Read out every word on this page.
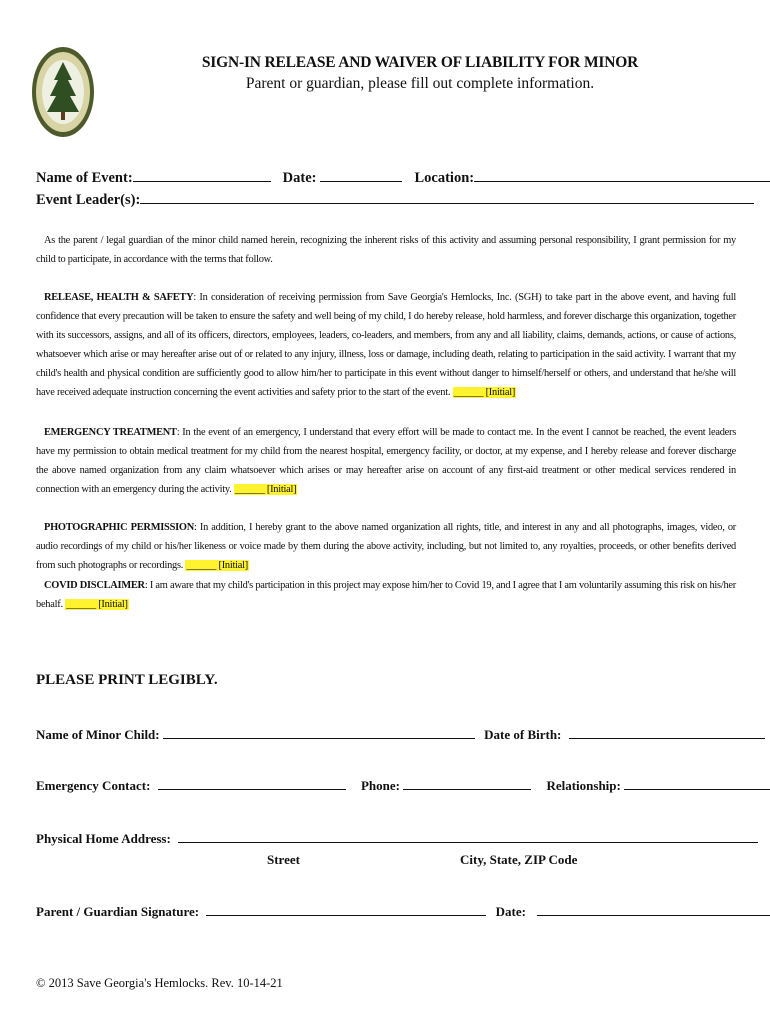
SIGN-IN RELEASE AND WAIVER OF LIABILITY FOR MINOR
Parent or guardian, please fill out complete information.
Name of Event:	Date:	Location:
Event Leader(s):
As the parent / legal guardian of the minor child named herein, recognizing the inherent risks of this activity and assuming personal responsibility, I grant permission for my child to participate, in accordance with the terms that follow.
RELEASE, HEALTH & SAFETY: In consideration of receiving permission from Save Georgia's Hemlocks, Inc. (SGH) to take part in the above event, and having full confidence that every precaution will be taken to ensure the safety and well being of my child, I do hereby release, hold harmless, and forever discharge this organization, together with its successors, assigns, and all of its officers, directors, employees, leaders, co-leaders, and members, from any and all liability, claims, demands, actions, or cause of actions, whatsoever which arise or may hereafter arise out of or related to any injury, illness, loss or damage, including death, relating to participation in the said activity. I warrant that my child's health and physical condition are sufficiently good to allow him/her to participate in this event without danger to himself/herself or others, and understand that he/she will have received adequate instruction concerning the event activities and safety prior to the start of the event. ______ [Initial]
EMERGENCY TREATMENT: In the event of an emergency, I understand that every effort will be made to contact me. In the event I cannot be reached, the event leaders have my permission to obtain medical treatment for my child from the nearest hospital, emergency facility, or doctor, at my expense, and I hereby release and forever discharge the above named organization from any claim whatsoever which arises or may hereafter arise on account of any first-aid treatment or other medical services rendered in connection with an emergency during the activity. ______ [Initial]
PHOTOGRAPHIC PERMISSION: In addition, I hereby grant to the above named organization all rights, title, and interest in any and all photographs, images, video, or audio recordings of my child or his/her likeness or voice made by them during the above activity, including, but not limited to, any royalties, proceeds, or other benefits derived from such photographs or recordings. ______ [Initial]
COVID DISCLAIMER: I am aware that my child's participation in this project may expose him/her to Covid 19, and I agree that I am voluntarily assuming this risk on his/her behalf. ______ [Initial]
PLEASE PRINT LEGIBLY.
Name of Minor Child:	Date of Birth:
Emergency Contact:	Phone:	Relationship:
Physical Home Address:
Street	City, State, ZIP Code
Parent / Guardian Signature:	Date:
© 2013 Save Georgia's Hemlocks. Rev. 10-14-21
